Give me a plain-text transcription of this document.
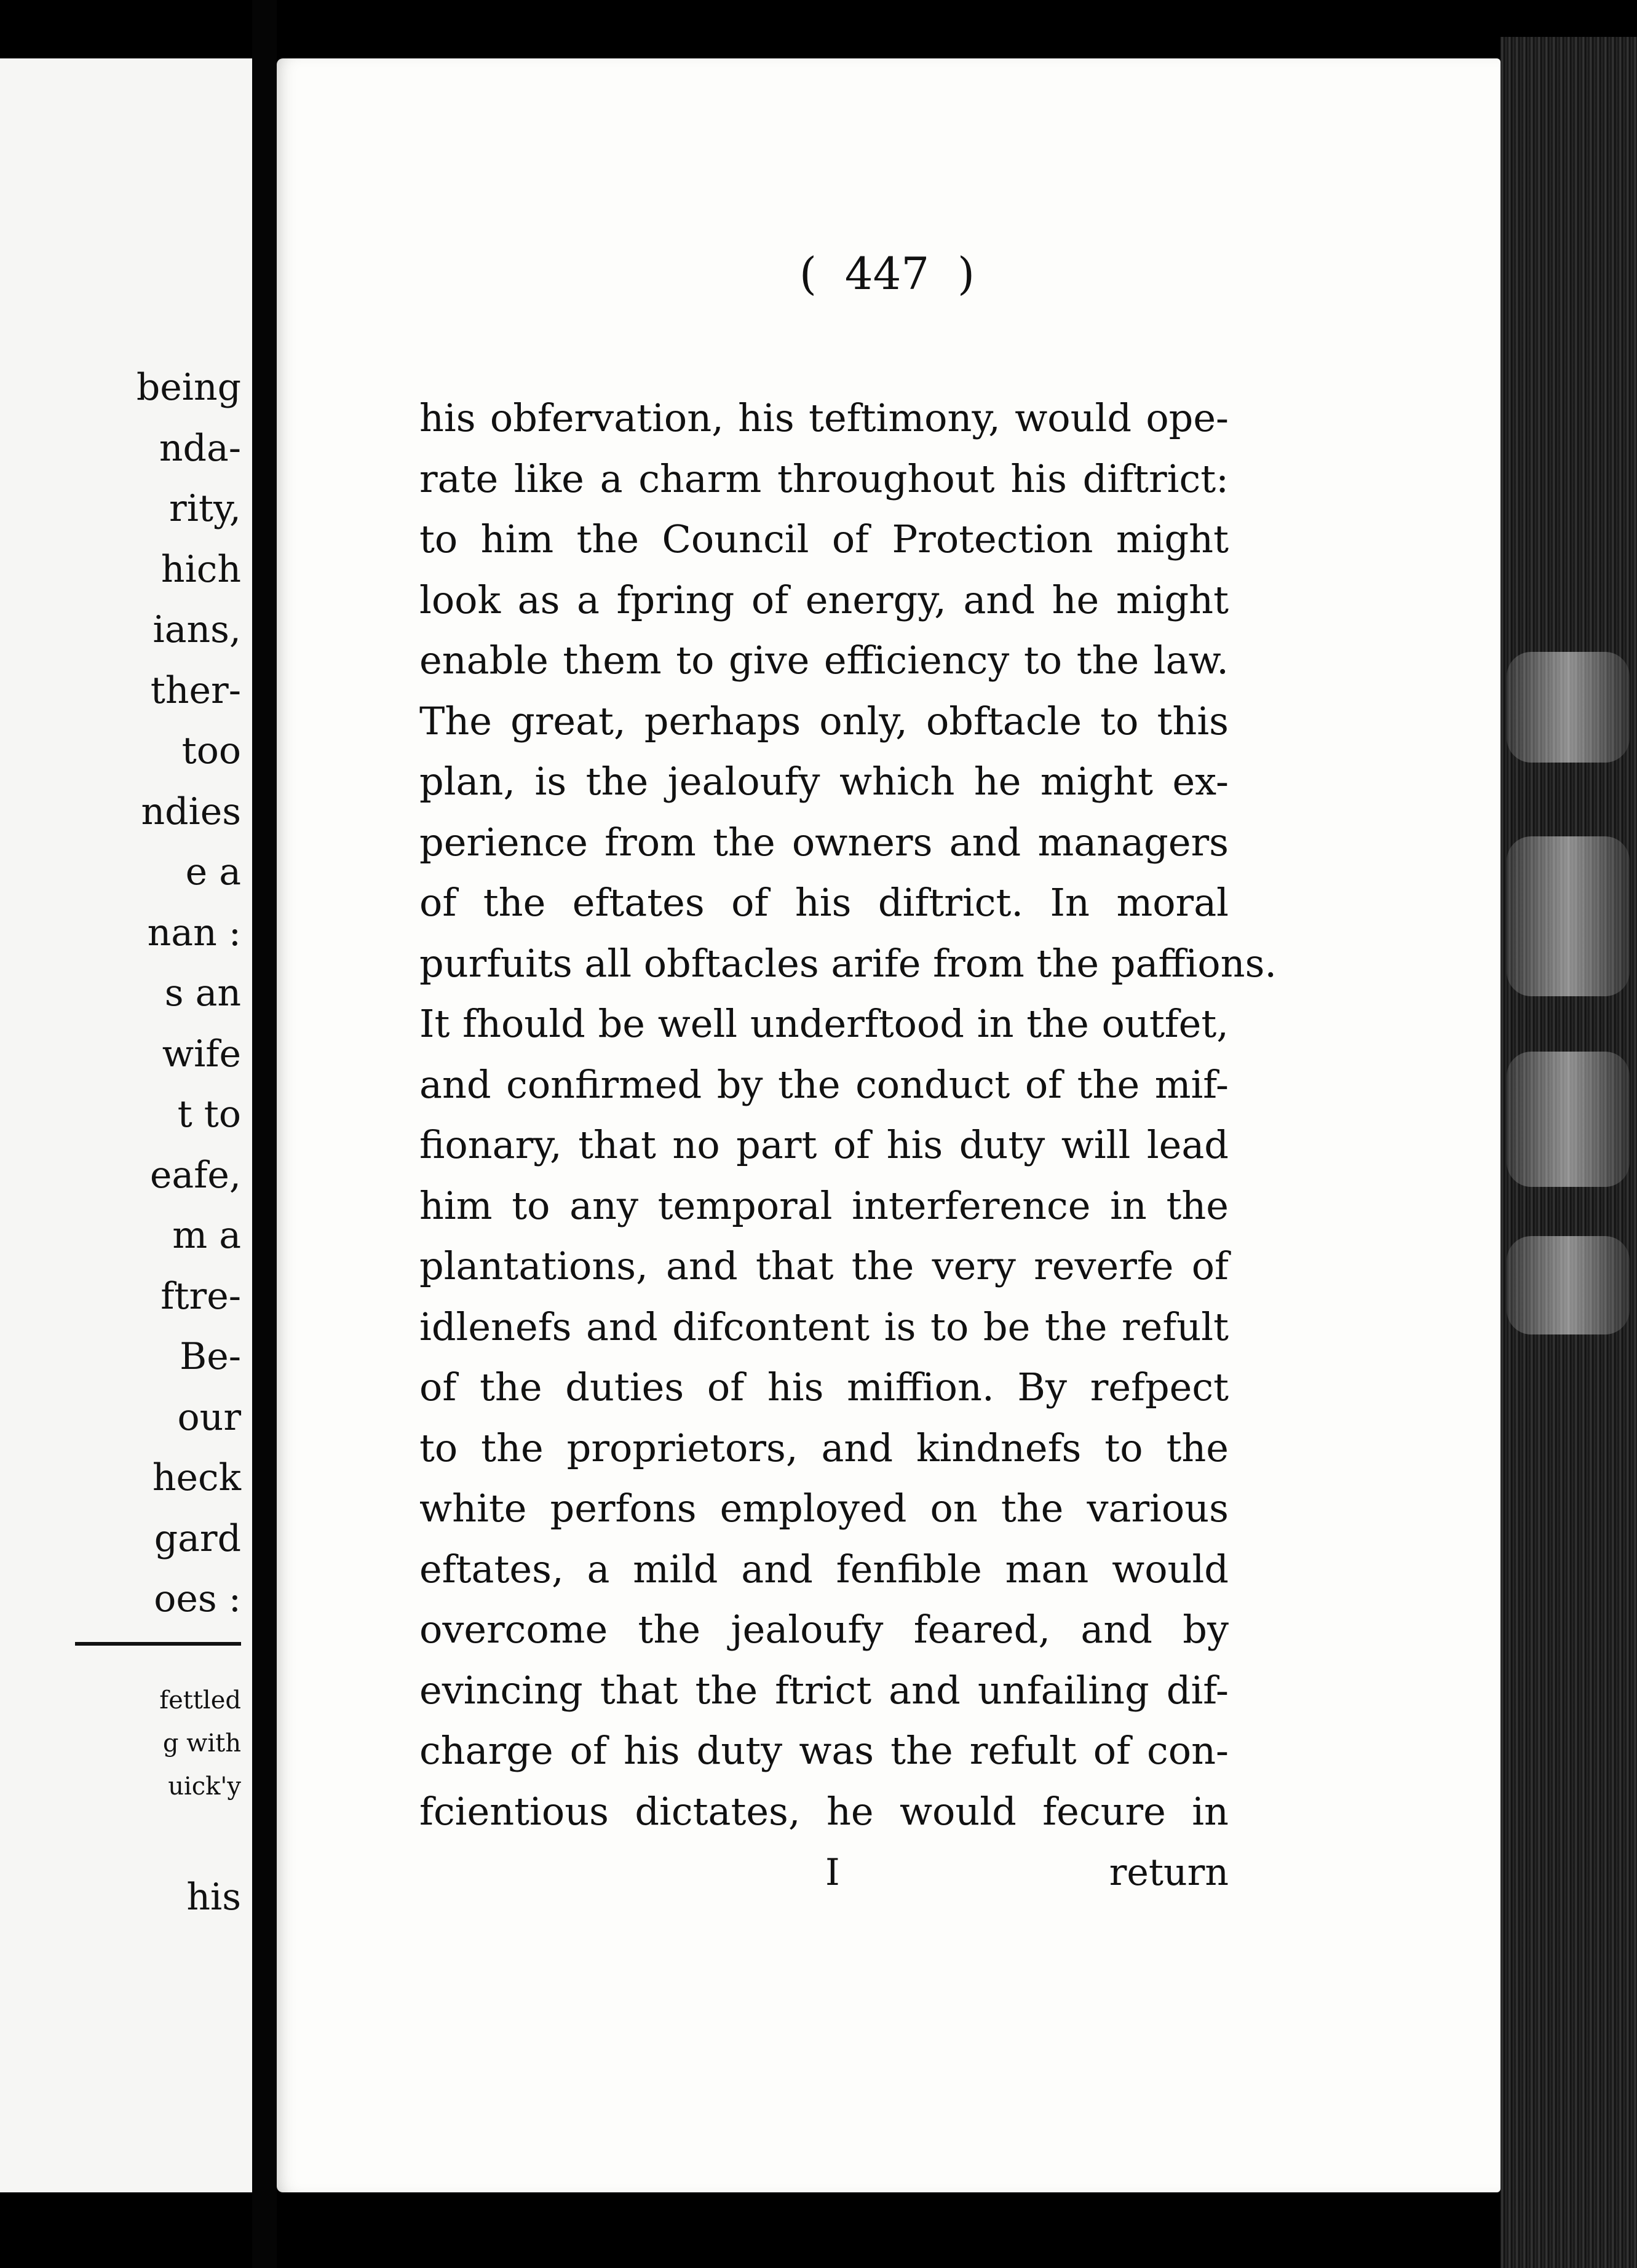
being
nda-
rity,
hich
ians,
ther-
too
ndies
e a
nan :
s an
wife
t to
eafe,
m a
ftre-
Be-
our
heck
gard
oes :
fettled
g with
uick'y
his
(  447  )
his obfervation, his teftimony, would ope-
rate like a charm throughout his diftrict:
to him the Council of Protection might
look as a fpring of energy, and he might
enable them to give efficiency to the law.
The great, perhaps only, obftacle to this
plan, is the jealoufy which he might ex-
perience from the owners and managers
of the eftates of his diftrict. In moral
purfuits all obftacles arife from the paffions.
It fhould be well underftood in the outfet,
and confirmed by the conduct of the mif-
fionary, that no part of his duty will lead
him to any temporal interference in the
plantations, and that the very reverfe of
idlenefs and difcontent is to be the refult
of the duties of his miffion. By refpect
to the proprietors, and kindnefs to the
white perfons employed on the various
eftates, a mild and fenfible man would
overcome the jealoufy feared, and by
evincing that the ftrict and unfailing dif-
charge of his duty was the refult of con-
fcientious dictates, he would fecure in
I	return
